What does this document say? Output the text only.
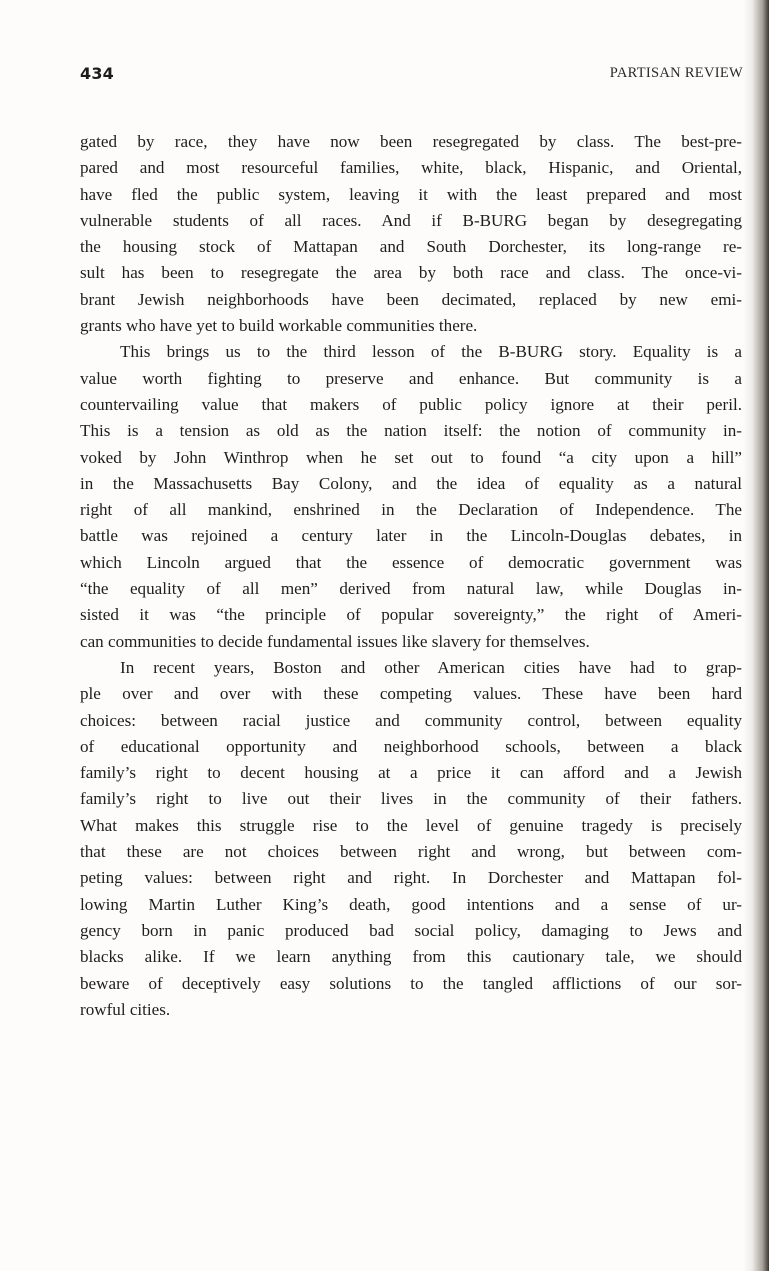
434	PARTISAN REVIEW
gated by race, they have now been resegregated by class. The best-pre-
pared and most resourceful families, white, black, Hispanic, and Oriental,
have fled the public system, leaving it with the least prepared and most
vulnerable students of all races. And if B-BURG began by desegregating
the housing stock of Mattapan and South Dorchester, its long-range re-
sult has been to resegregate the area by both race and class. The once-vi-
brant Jewish neighborhoods have been decimated, replaced by new emi-
grants who have yet to build workable communities there.
This brings us to the third lesson of the B-BURG story. Equality is a
value worth fighting to preserve and enhance. But community is a
countervailing value that makers of public policy ignore at their peril.
This is a tension as old as the nation itself: the notion of community in-
voked by John Winthrop when he set out to found “a city upon a hill”
in the Massachusetts Bay Colony, and the idea of equality as a natural
right of all mankind, enshrined in the Declaration of Independence. The
battle was rejoined a century later in the Lincoln-Douglas debates, in
which Lincoln argued that the essence of democratic government was
“the equality of all men” derived from natural law, while Douglas in-
sisted it was “the principle of popular sovereignty,” the right of Ameri-
can communities to decide fundamental issues like slavery for themselves.
In recent years, Boston and other American cities have had to grap-
ple over and over with these competing values. These have been hard
choices: between racial justice and community control, between equality
of educational opportunity and neighborhood schools, between a black
family’s right to decent housing at a price it can afford and a Jewish
family’s right to live out their lives in the community of their fathers.
What makes this struggle rise to the level of genuine tragedy is precisely
that these are not choices between right and wrong, but between com-
peting values: between right and right. In Dorchester and Mattapan fol-
lowing Martin Luther King’s death, good intentions and a sense of ur-
gency born in panic produced bad social policy, damaging to Jews and
blacks alike. If we learn anything from this cautionary tale, we should
beware of deceptively easy solutions to the tangled afflictions of our sor-
rowful cities.
